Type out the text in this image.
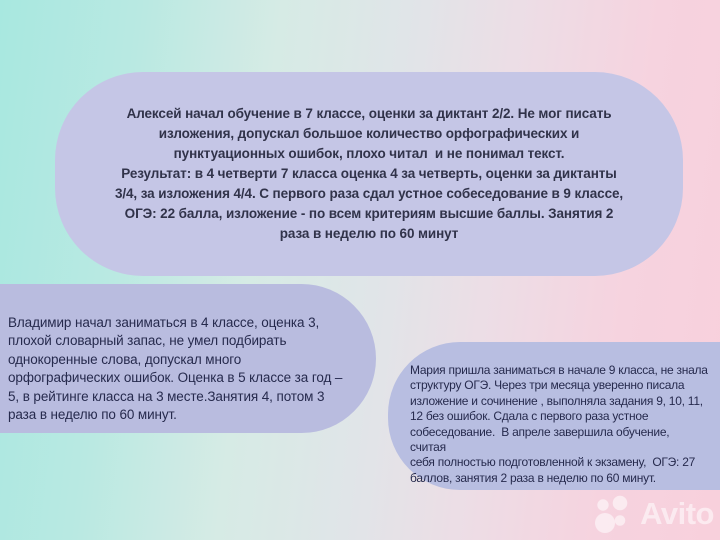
Алексей начал обучение в 7 классе, оценки за диктант 2/2. Не мог писать
изложения, допускал большое количество орфографических и
пунктуационных ошибок, плохо читал  и не понимал текст.
Результат: в 4 четверти 7 класса оценка 4 за четверть, оценки за диктанты
3/4, за изложения 4/4. С первого раза сдал устное собеседование в 9 классе,
ОГЭ: 22 балла, изложение - по всем критериям высшие баллы. Занятия 2
раза в неделю по 60 минут
Владимир начал заниматься в 4 классе, оценка 3,
плохой словарный запас, не умел подбирать
однокоренные слова, допускал много
орфографических ошибок. Оценка в 5 классе за год –
5, в рейтинге класса на 3 месте.Занятия 4, потом 3
раза в неделю по 60 минут.
Мария пришла заниматься в начале 9 класса, не знала
структуру ОГЭ. Через три месяца уверенно писала
изложение и сочинение , выполняла задания 9, 10, 11,
12 без ошибок. Сдала с первого раза устное
собеседование.  В апреле завершила обучение, считая
себя полностью подготовленной к экзамену,  ОГЭ: 27
баллов, занятия 2 раза в неделю по 60 минут.
Avito
